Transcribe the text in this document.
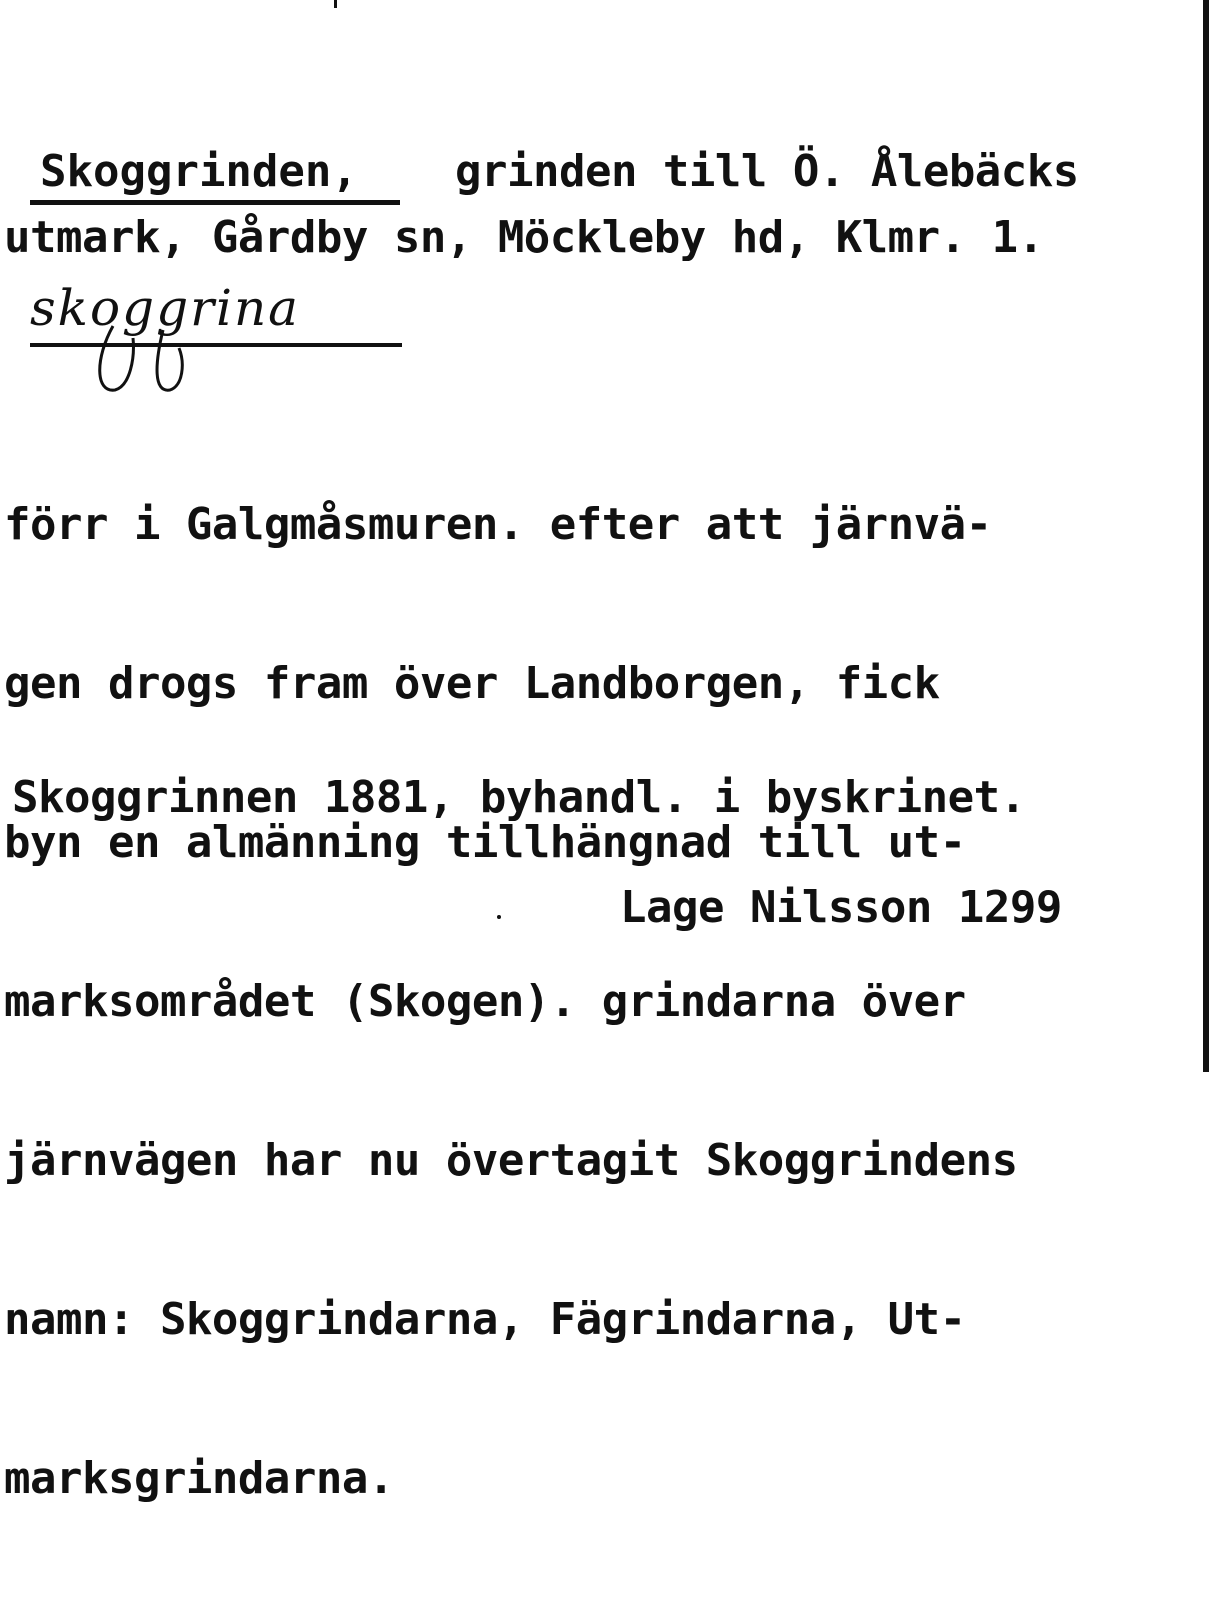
Skoggrinden, grinden till Ö. Ålebäcks
utmark, Gårdby sn, Möckleby hd, Klmr. 1.
skoggrina

förr i Galgmåsmuren. efter att järnvä-

gen drogs fram över Landborgen, fick

byn en almänning tillhängnad till ut-

marksområdet (Skogen). grindarna över

järnvägen har nu övertagit Skoggrindens

namn: Skoggrindarna, Fägrindarna, Ut-

marksgrindarna.

Skoggrinnen 1881, byhandl. i byskrinet.
Lage Nilsson 1299
